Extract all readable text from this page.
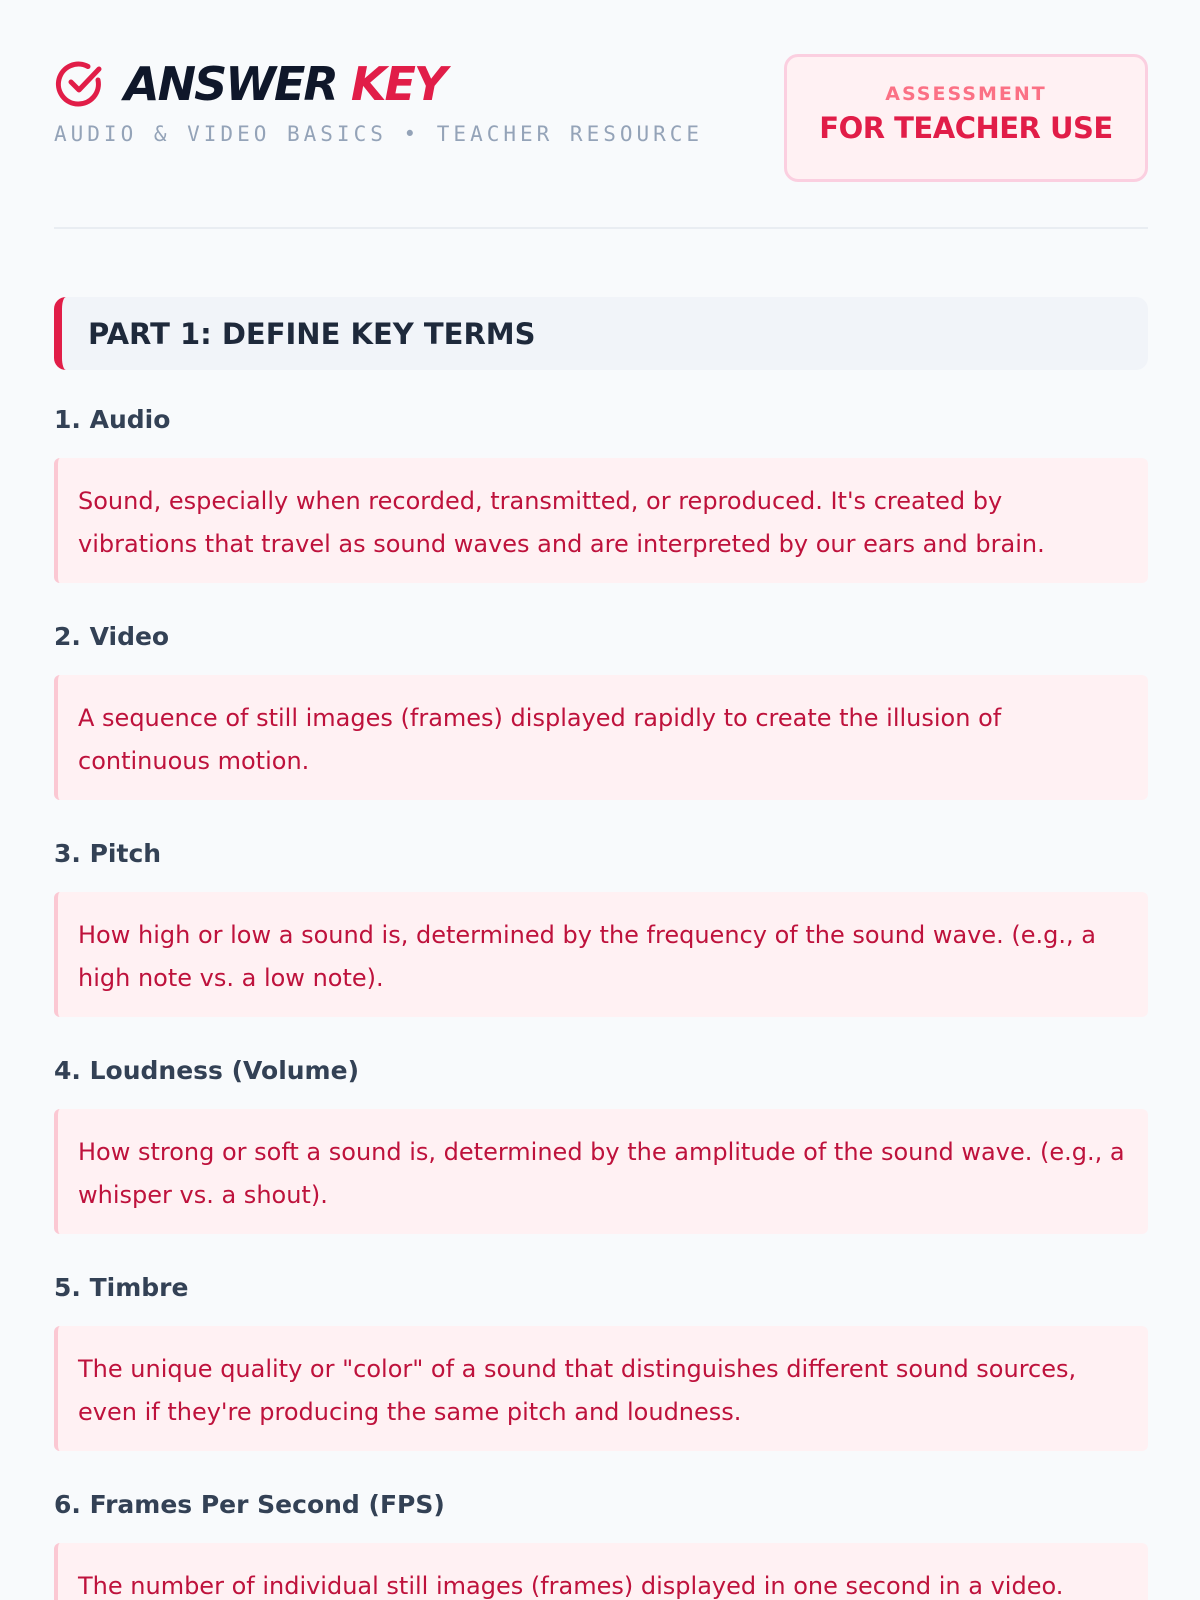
ANSWER KEY
AUDIO & VIDEO BASICS • TEACHER RESOURCE
ASSESSMENT
FOR TEACHER USE
PART 1: DEFINE KEY TERMS
1. Audio
Sound, especially when recorded, transmitted, or reproduced. It's created by vibrations that travel as sound waves and are interpreted by our ears and brain.
2. Video
A sequence of still images (frames) displayed rapidly to create the illusion of continuous motion.
3. Pitch
How high or low a sound is, determined by the frequency of the sound wave. (e.g., a high note vs. a low note).
4. Loudness (Volume)
How strong or soft a sound is, determined by the amplitude of the sound wave. (e.g., a whisper vs. a shout).
5. Timbre
The unique quality or "color" of a sound that distinguishes different sound sources, even if they're producing the same pitch and loudness.
6. Frames Per Second (FPS)
The number of individual still images (frames) displayed in one second in a video.
